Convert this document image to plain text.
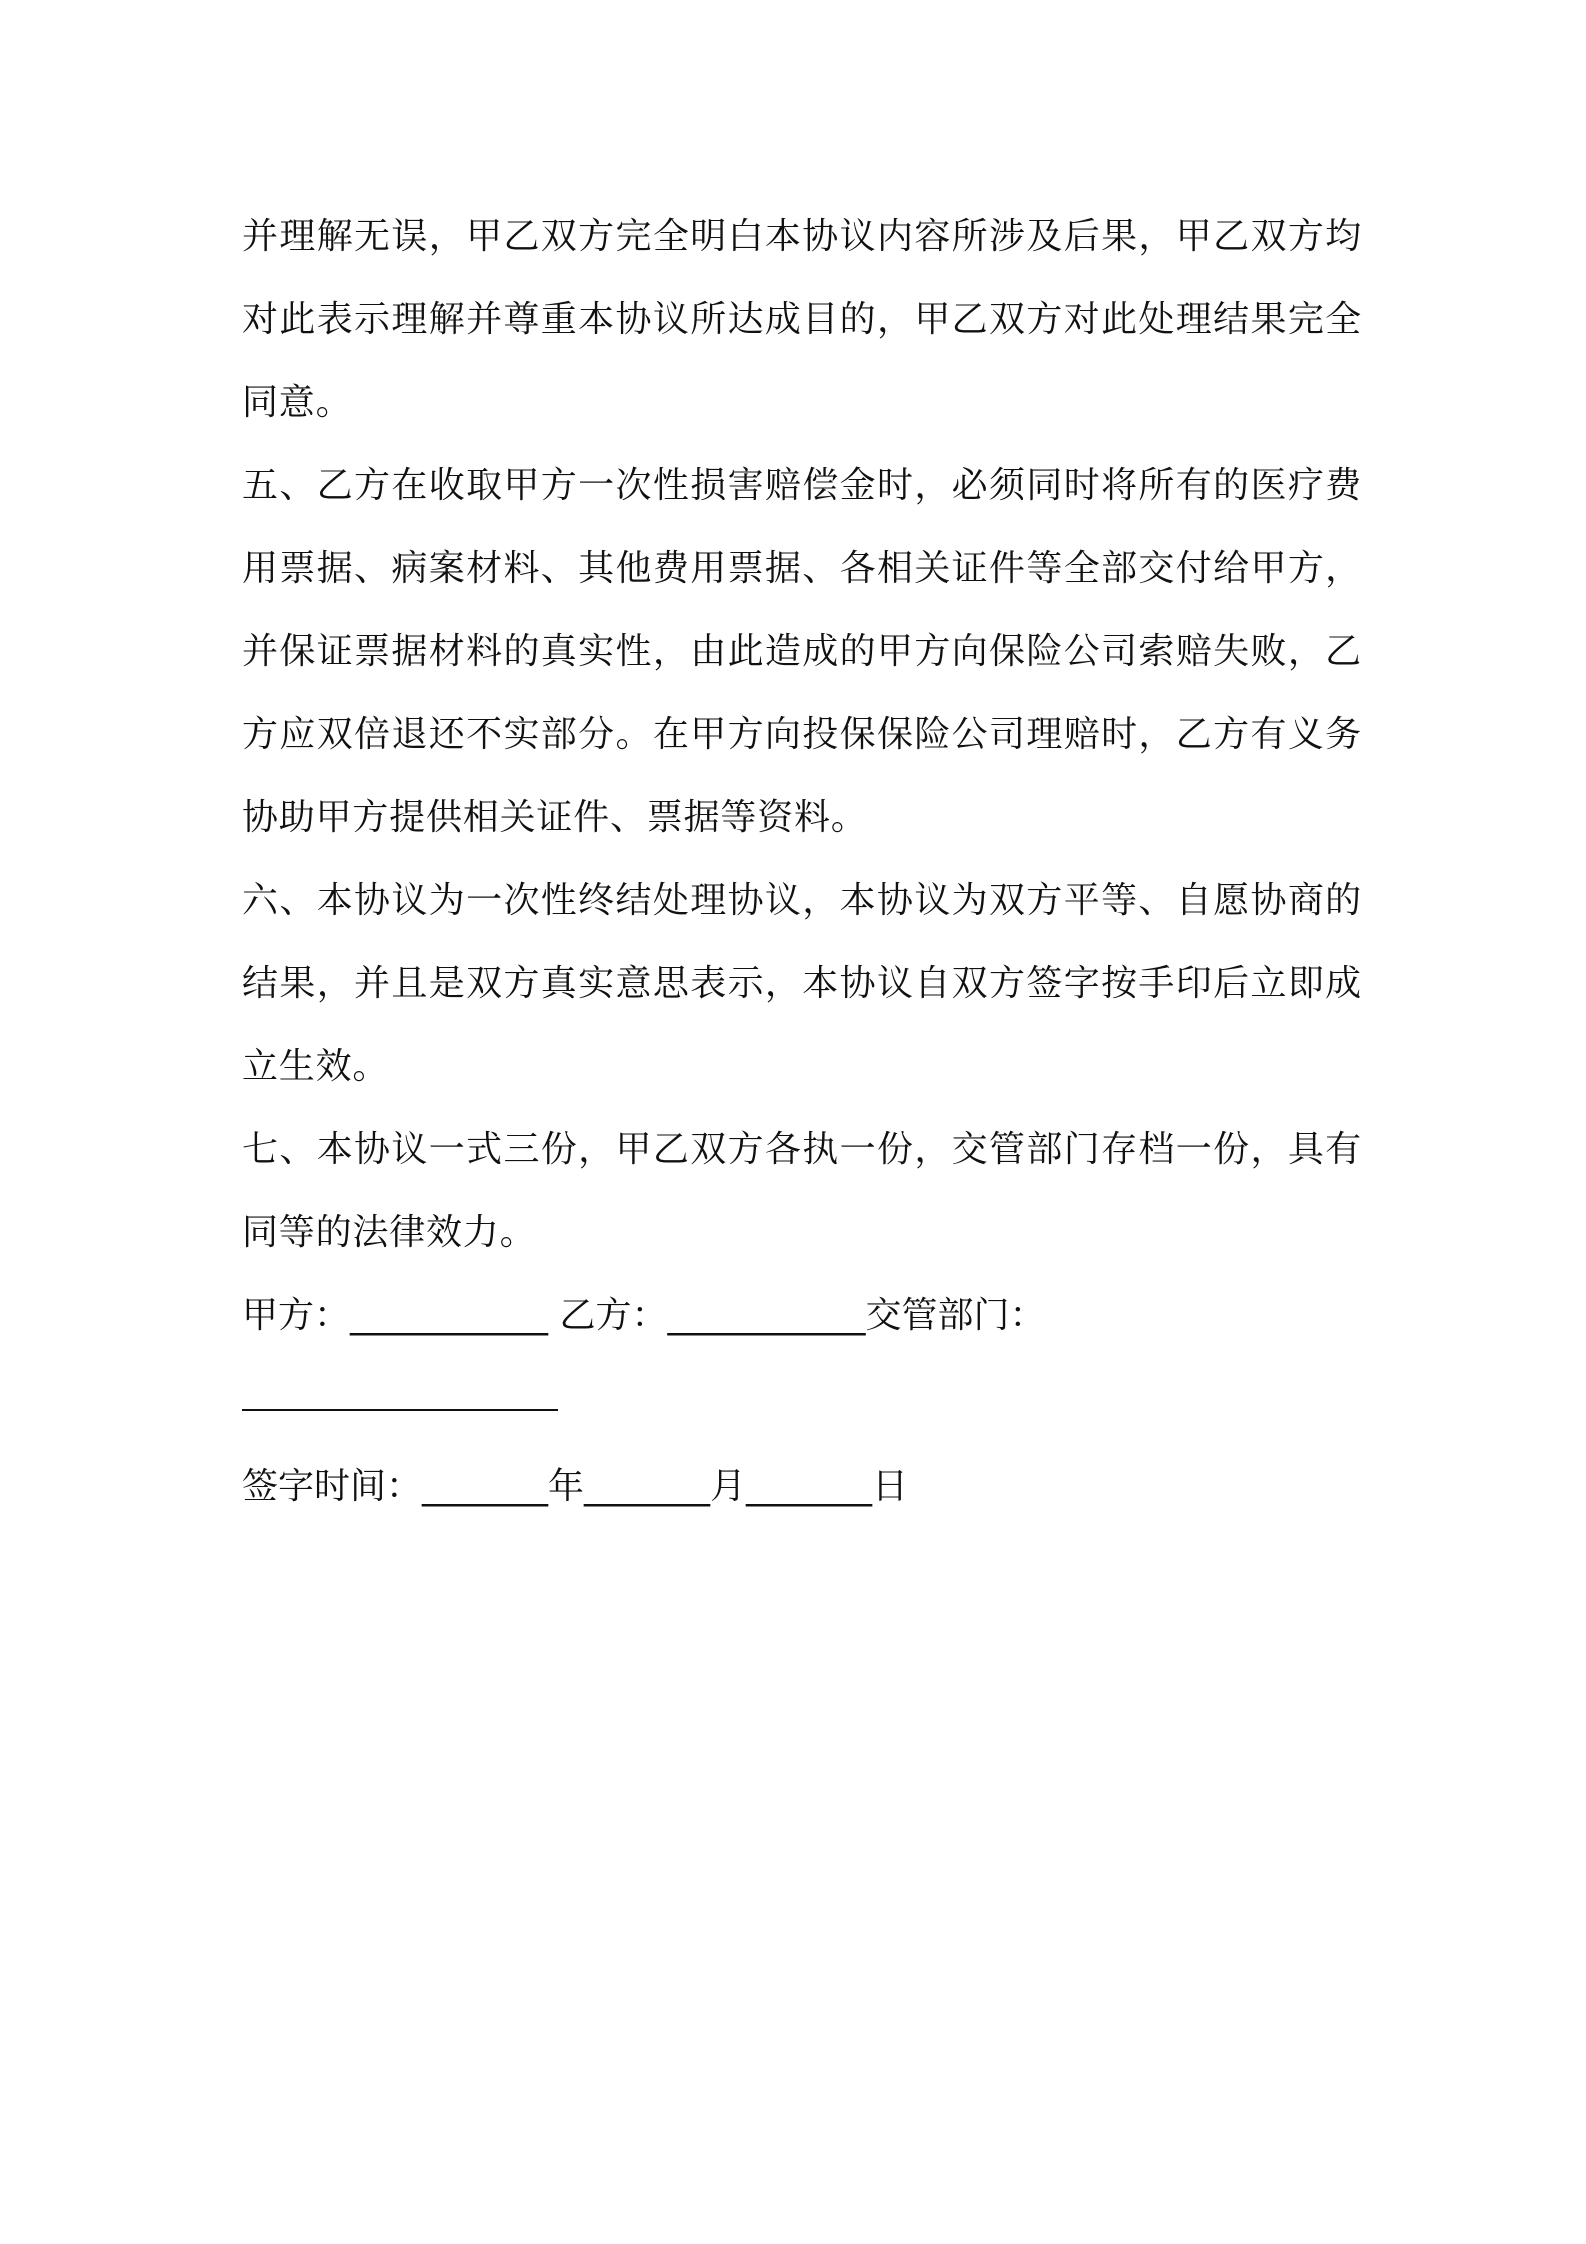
并理解无误，甲乙双方完全明白本协议内容所涉及后果，甲乙双方均
对此表示理解并尊重本协议所达成目的，甲乙双方对此处理结果完全
同意。
五、乙方在收取甲方一次性损害赔偿金时，必须同时将所有的医疗费
用票据、病案材料、其他费用票据、各相关证件等全部交付给甲方，
并保证票据材料的真实性，由此造成的甲方向保险公司索赔失败，乙
方应双倍退还不实部分。在甲方向投保保险公司理赔时，乙方有义务
协助甲方提供相关证件、票据等资料。
六、本协议为一次性终结处理协议，本协议为双方平等、自愿协商的
结果，并且是双方真实意思表示，本协议自双方签字按手印后立即成
立生效。
七、本协议一式三份，甲乙双方各执一份，交管部门存档一份，具有
同等的法律效力。
甲方：___________ 乙方：___________交管部门：
签字时间：_______年_______月_______日
